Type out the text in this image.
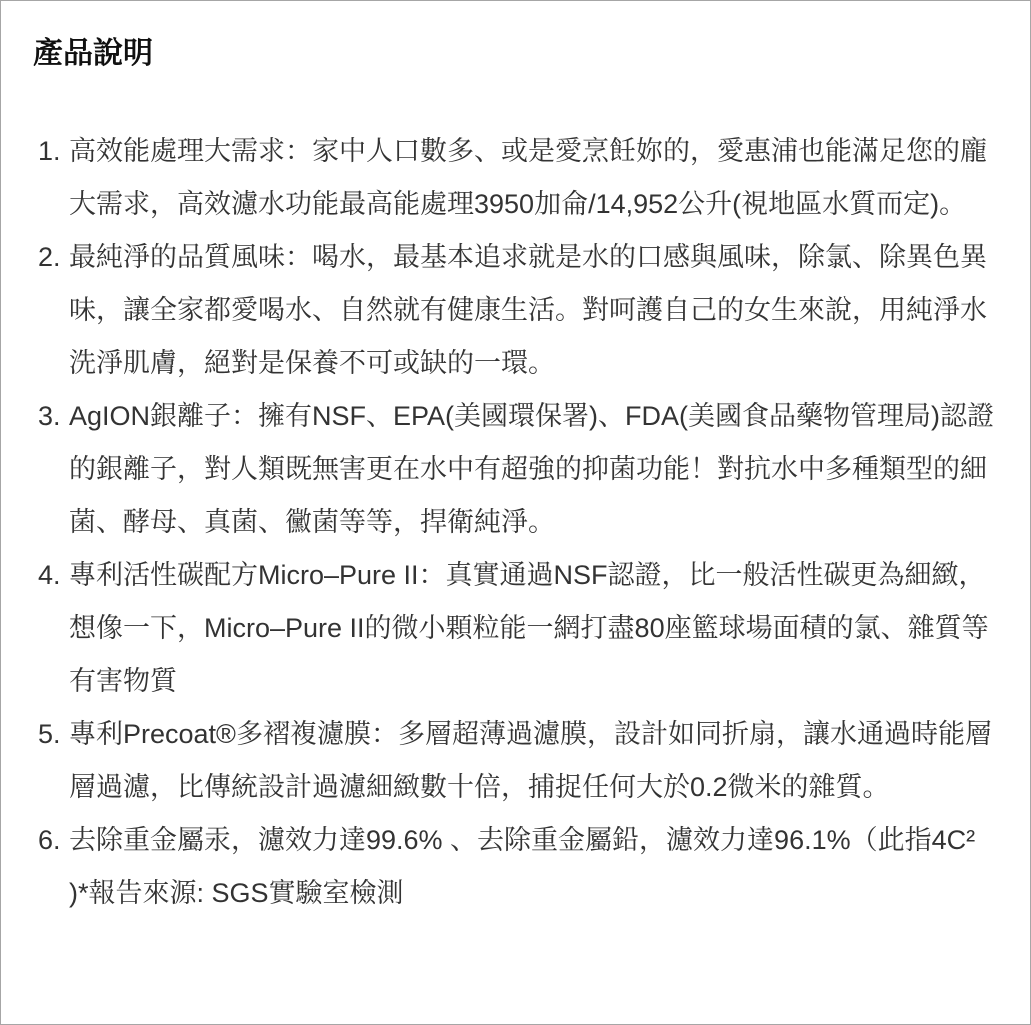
產品說明
1. 高效能處理大需求：家中人口數多、或是愛烹飪妳的，愛惠浦也能滿足您的龐大需求，高效濾水功能最高能處理3950加侖/14,952公升(視地區水質而定)。
2. 最純淨的品質風味：喝水，最基本追求就是水的口感與風味，除氯、除異色異味，讓全家都愛喝水、自然就有健康生活。對呵護自己的女生來說，用純淨水洗淨肌膚，絕對是保養不可或缺的一環。
3. AgION銀離子：擁有NSF、EPA(美國環保署)、FDA(美國食品藥物管理局)認證的銀離子，對人類既無害更在水中有超強的抑菌功能！對抗水中多種類型的細菌、酵母、真菌、黴菌等等，捍衛純淨。
4. 專利活性碳配方Micro–Pure II：真實通過NSF認證，比一般活性碳更為細緻，想像一下，Micro–Pure II的微小顆粒能一網打盡80座籃球場面積的氯、雜質等有害物質
5. 專利Precoat®多褶複濾膜：多層超薄過濾膜，設計如同折扇，讓水通過時能層層過濾，比傳統設計過濾細緻數十倍，捕捉任何大於0.2微米的雜質。
6. 去除重金屬汞，濾效力達99.6% 、去除重金屬鉛，濾效力達96.1%（此指4C² )*報告來源: SGS實驗室檢測
